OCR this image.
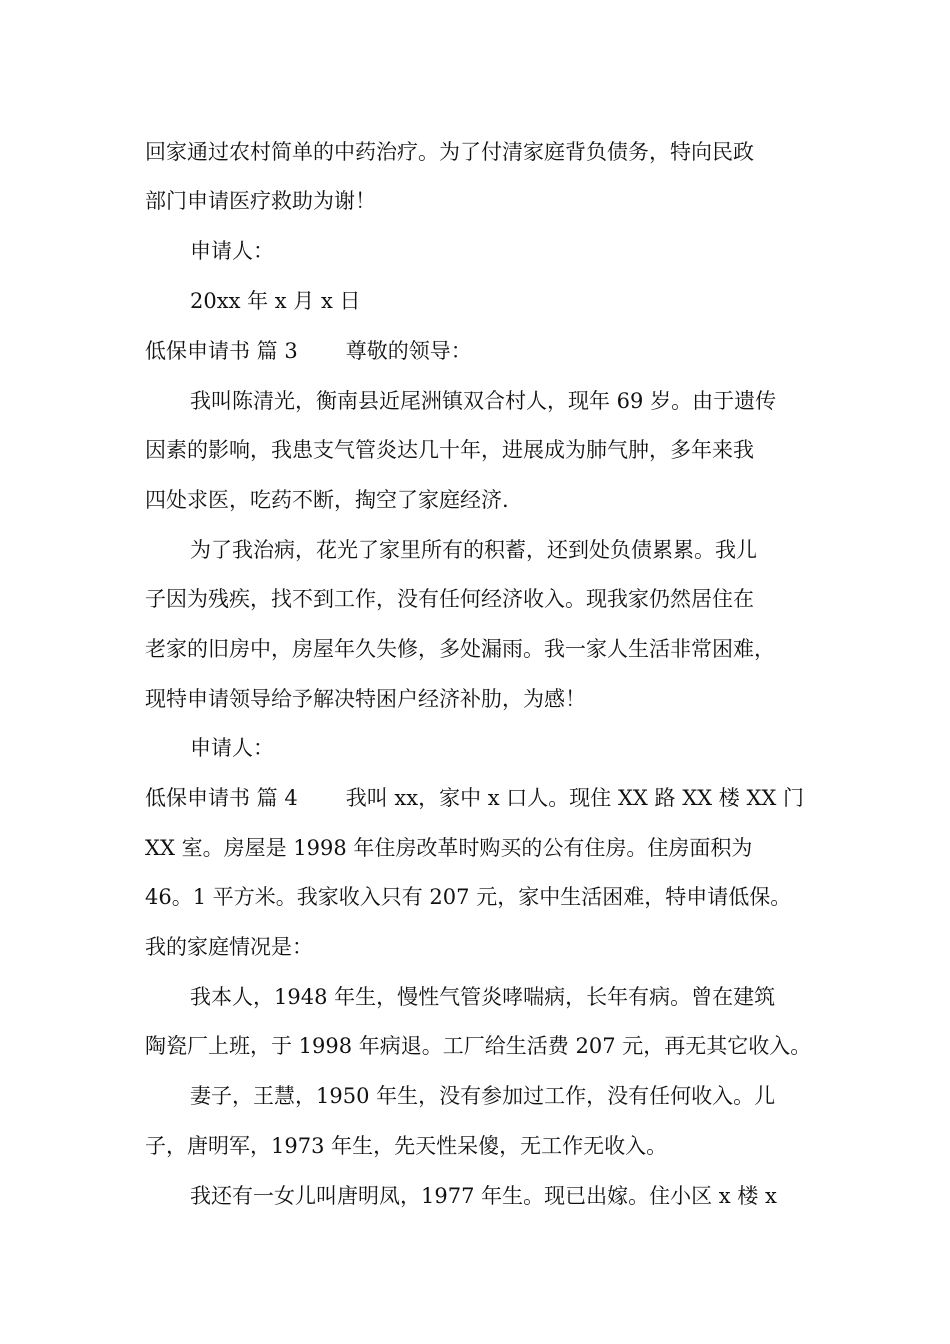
回家通过农村简单的中药治疗。为了付清家庭背负债务，特向民政
部门申请医疗救助为谢！
申请人：
20xx 年 x 月 x 日
低保申请书 篇 3 尊敬的领导：
我叫陈清光，衡南县近尾洲镇双合村人，现年 69 岁。由于遗传
因素的影响，我患支气管炎达几十年，进展成为肺气肿，多年来我
四处求医，吃药不断，掏空了家庭经济.
为了我治病，花光了家里所有的积蓄，还到处负债累累。我儿
子因为残疾，找不到工作，没有任何经济收入。现我家仍然居住在
老家的旧房中，房屋年久失修，多处漏雨。我一家人生活非常困难，
现特申请领导给予解决特困户经济补肋，为感！
申请人：
低保申请书 篇 4 我叫 xx，家中 x 口人。现住 XX 路 XX 楼 XX 门
XX 室。房屋是 1998 年住房改革时购买的公有住房。住房面积为
46。1 平方米。我家收入只有 207 元，家中生活困难，特申请低保。
我的家庭情况是：
我本人，1948 年生，慢性气管炎哮喘病，长年有病。曾在建筑
陶瓷厂上班，于 1998 年病退。工厂给生活费 207 元，再无其它收入。
妻子，王慧，1950 年生，没有参加过工作，没有任何收入。儿
子，唐明军，1973 年生，先天性呆傻，无工作无收入。
我还有一女儿叫唐明凤，1977 年生。现已出嫁。住小区 x 楼 x
